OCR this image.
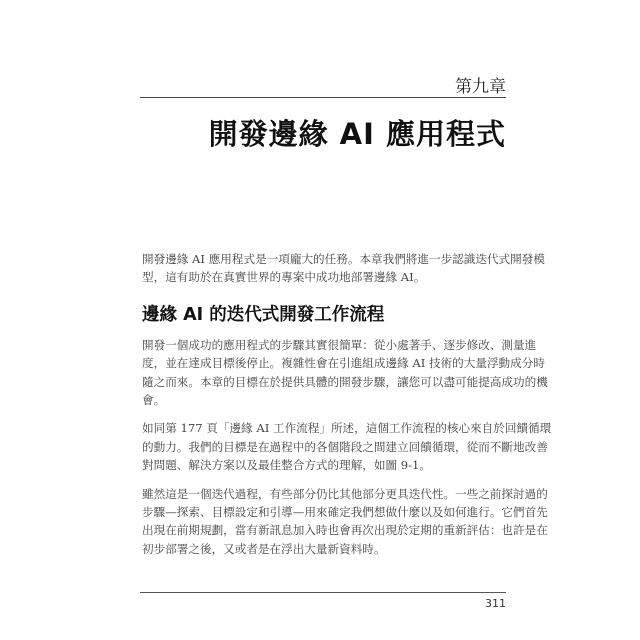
第九章
開發邊緣 AI 應用程式
開發邊緣 AI 應用程式是一項龐大的任務。本章我們將進一步認識迭代式開發模
型，這有助於在真實世界的專案中成功地部署邊緣 AI。
邊緣 AI 的迭代式開發工作流程
開發一個成功的應用程式的步驟其實很簡單：從小處著手、逐步修改、測量進
度，並在達成目標後停止。複雜性會在引進組成邊緣 AI 技術的大量浮動成分時
隨之而來。本章的目標在於提供具體的開發步驟，讓您可以盡可能提高成功的機
會。
如同第 177 頁「邊緣 AI 工作流程」所述，這個工作流程的核心來自於回饋循環
的動力。我們的目標是在過程中的各個階段之間建立回饋循環，從而不斷地改善
對問題、解決方案以及最佳整合方式的理解，如圖 9-1。
雖然這是一個迭代過程，有些部分仍比其他部分更具迭代性。一些之前探討過的
步驟—探索、目標設定和引導—用來確定我們想做什麼以及如何進行。它們首先
出現在前期規劃，當有新訊息加入時也會再次出現於定期的重新評估：也許是在
初步部署之後，又或者是在浮出大量新資料時。
311
